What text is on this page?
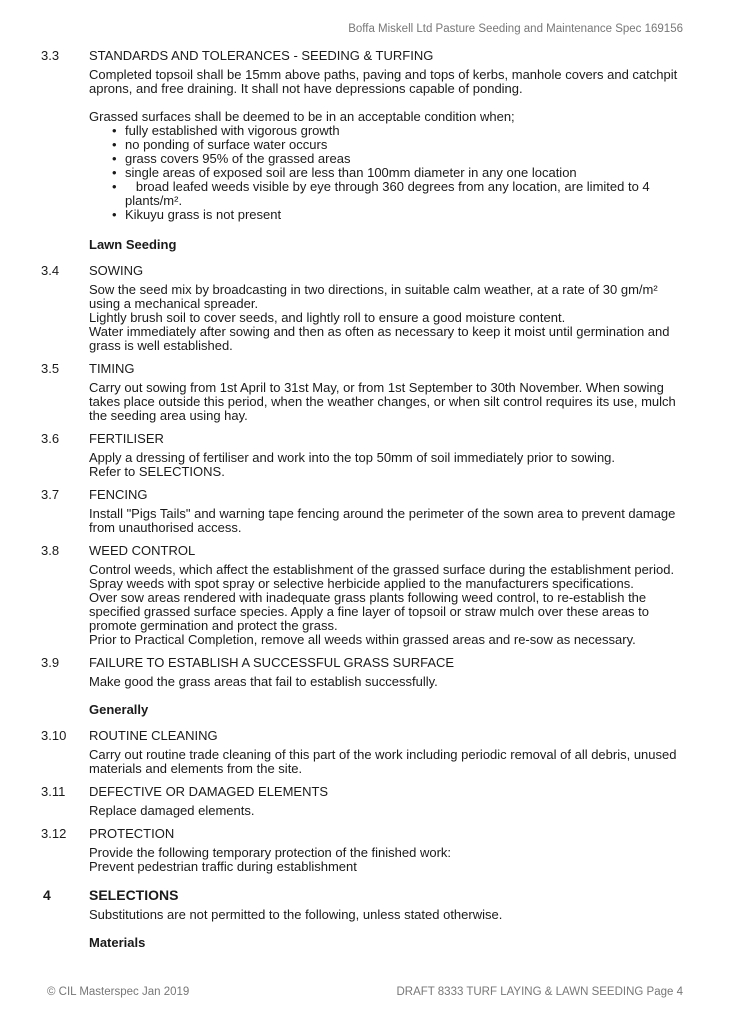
Boffa Miskell Ltd Pasture Seeding and Maintenance Spec 169156
3.3 STANDARDS AND TOLERANCES - SEEDING & TURFING

Completed topsoil shall be 15mm above paths, paving and tops of kerbs, manhole covers and catchpit aprons, and free draining. It shall not have depressions capable of ponding.

Grassed surfaces shall be deemed to be in an acceptable condition when;

• fully established with vigorous growth
• no ponding of surface water occurs
• grass covers 95% of the grassed areas
• single areas of exposed soil are less than 100mm diameter in any one location
•    broad leafed weeds visible by eye through 360 degrees from any location, are limited to 4 plants/m².
• Kikuyu grass is not present
Lawn Seeding
3.4 SOWING

Sow the seed mix by broadcasting in two directions, in suitable calm weather, at a rate of 30 gm/m² using a mechanical spreader.

Lightly brush soil to cover seeds, and lightly roll to ensure a good moisture content.

Water immediately after sowing and then as often as necessary to keep it moist until germination and grass is well established.

3.5 TIMING

Carry out sowing from 1st April to 31st May, or from 1st September to 30th November. When sowing takes place outside this period, when the weather changes, or when silt control requires its use, mulch the seeding area using hay.

3.6 FERTILISER

Apply a dressing of fertiliser and work into the top 50mm of soil immediately prior to sowing.

Refer to SELECTIONS.

3.7 FENCING

Install "Pigs Tails" and warning tape fencing around the perimeter of the sown area to prevent damage from unauthorised access.

3.8 WEED CONTROL

Control weeds, which affect the establishment of the grassed surface during the establishment period.

Spray weeds with spot spray or selective herbicide applied to the manufacturers specifications.

Over sow areas rendered with inadequate grass plants following weed control, to re-establish the specified grassed surface species. Apply a fine layer of topsoil or straw mulch over these areas to promote germination and protect the grass.

Prior to Practical Completion, remove all weeds within grassed areas and re-sow as necessary.

3.9 FAILURE TO ESTABLISH A SUCCESSFUL GRASS SURFACE

Make good the grass areas that fail to establish successfully.

Generally
3.10 ROUTINE CLEANING

Carry out routine trade cleaning of this part of the work including periodic removal of all debris, unused materials and elements from the site.

3.11 DEFECTIVE OR DAMAGED ELEMENTS

Replace damaged elements.

3.12 PROTECTION

Provide the following temporary protection of the finished work:

Prevent pedestrian traffic during establishment

4	SELECTIONS

Substitutions are not permitted to the following, unless stated otherwise.

Materials
© CIL Masterspec Jan 2019	DRAFT 8333 TURF LAYING & LAWN SEEDING Page 4
